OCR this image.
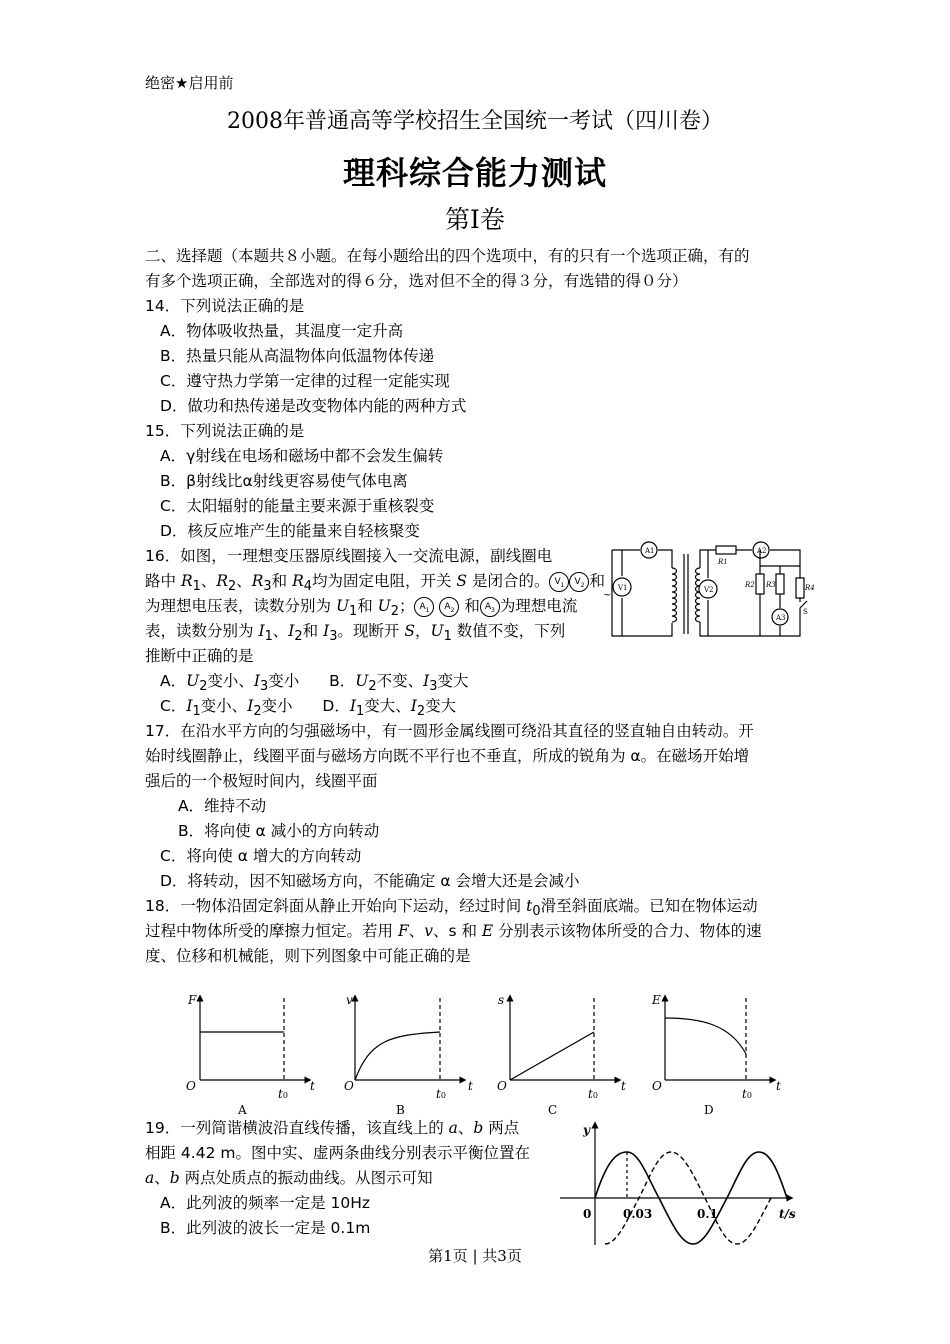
绝密★启用前
2008年普通高等学校招生全国统一考试（四川卷）
理科综合能力测试
第Ⅰ卷
二、选择题（本题共８小题。在每小题给出的四个选项中，有的只有一个选项正确，有的
有多个选项正确，全部选对的得６分，选对但不全的得３分，有选错的得０分）
14．下列说法正确的是
A．物体吸收热量，其温度一定升高
B．热量只能从高温物体向低温物体传递
C．遵守热力学第一定律的过程一定能实现
D．做功和热传递是改变物体内能的两种方式
15．下列说法正确的是
A．γ射线在电场和磁场中都不会发生偏转
B．β射线比α射线更容易使气体电离
C．太阳辐射的能量主要来源于重核裂变
D．核反应堆产生的能量来自轻核聚变
16．如图，一理想变压器原线圈接入一交流电源，副线圈电
路中 $R_1$、$R_2$、$R_3$和 $R_4$均为固定电阻，开关 S 是闭合的。 $V_1$ $V_2$ 和
为理想电压表，读数分别为 $U_1$和 $U_2$； $A_1$ $A_2$ 和 $A_3$ 为理想电流
表，读数分别为 $I_1$、$I_2$和 $I_3$。现断开 S，$U_1$ 数值不变，下列
推断中正确的是
A．$U_2$变小、$I_3$变小 B．$U_2$不变、$I_3$变大
C．$I_1$变小、$I_2$变小 D．$I_1$变大、$I_2$变大
A1	A2
A3
V1	V2
R1
R2 R3	R4
S
~
17．在沿水平方向的匀强磁场中，有一圆形金属线圈可绕沿其直径的竖直轴自由转动。开
始时线圈静止，线圈平面与磁场方向既不平行也不垂直，所成的锐角为 α。在磁场开始增
强后的一个极短时间内，线圈平面
A．维持不动
B．将向使 α 减小的方向转动
C．将向使 α 增大的方向转动
D．将转动，因不知磁场方向，不能确定 α 会增大还是会减小
18．一物体沿固定斜面从静止开始向下运动，经过时间 $t_0$滑至斜面底端。已知在物体运动
过程中物体所受的摩擦力恒定。若用 F、v、s 和 E 分别表示该物体所受的合力、物体的速
度、位移和机械能，则下列图象中可能正确的是
F
O
t0
t
A
v
O
t0
t
B
s
O
t0
t
C
E
O
t0
t
D
19．一列简谐横波沿直线传播，该直线上的 a、b 两点
相距 4.42 m。图中实、虚两条曲线分别表示平衡位置在
a、b 两点处质点的振动曲线。从图示可知
A．此列波的频率一定是 10Hz
B．此列波的波长一定是 0.1m
y
0	0.03	0.1	t/s
第1页 | 共3页
